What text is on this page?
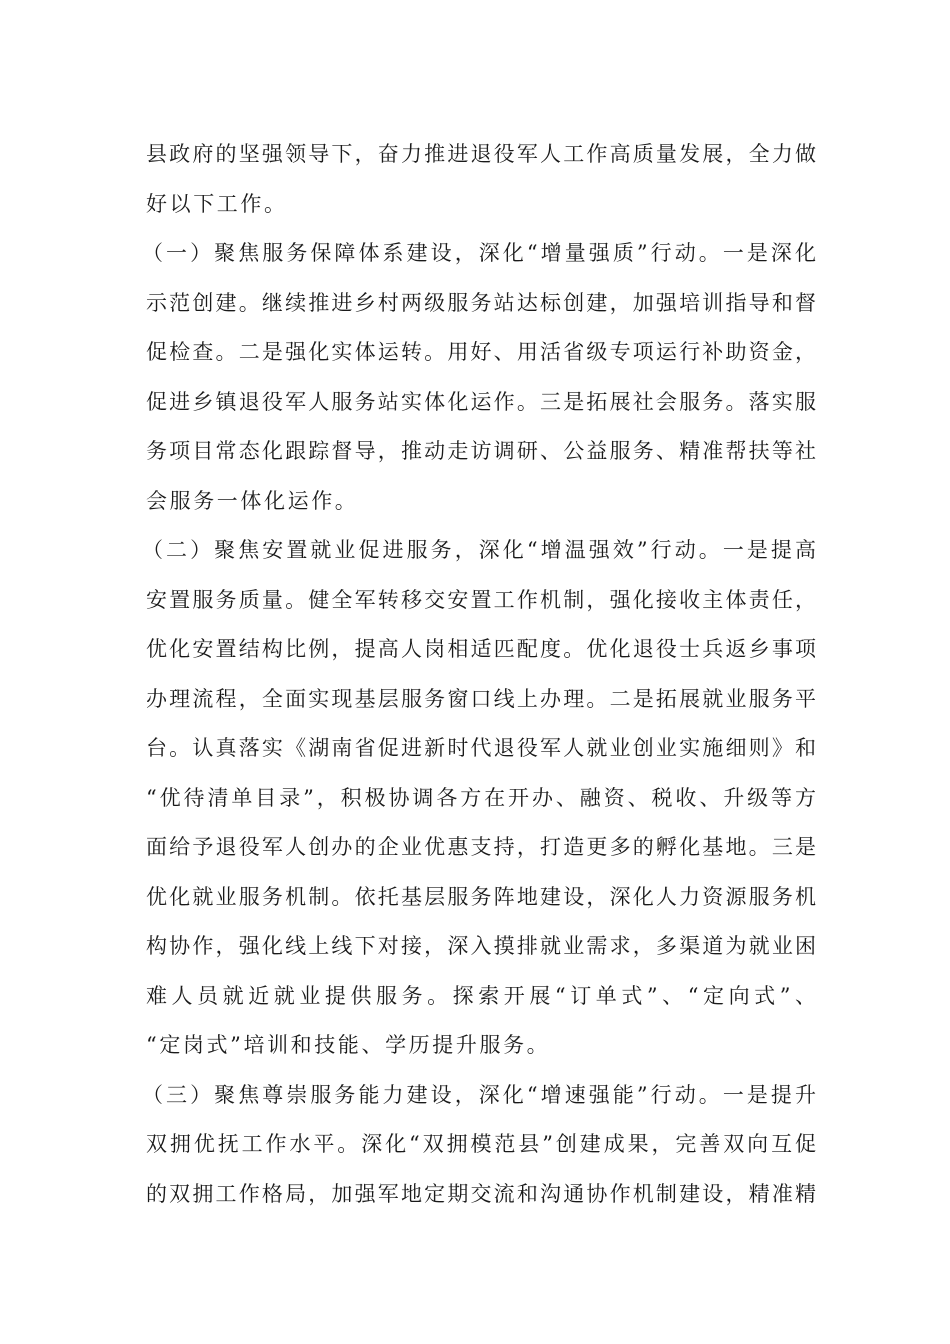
县政府的坚强领导下，奋力推进退役军人工作高质量发展，全力做
好以下工作。
（一）聚焦服务保障体系建设，深化“增量强质”行动。一是深化
示范创建。继续推进乡村两级服务站达标创建，加强培训指导和督
促检查。二是强化实体运转。用好、用活省级专项运行补助资金，
促进乡镇退役军人服务站实体化运作。三是拓展社会服务。落实服
务项目常态化跟踪督导，推动走访调研、公益服务、精准帮扶等社
会服务一体化运作。
（二）聚焦安置就业促进服务，深化“增温强效”行动。一是提高
安置服务质量。健全军转移交安置工作机制，强化接收主体责任，
优化安置结构比例，提高人岗相适匹配度。优化退役士兵返乡事项
办理流程，全面实现基层服务窗口线上办理。二是拓展就业服务平
台。认真落实《湖南省促进新时代退役军人就业创业实施细则》和
“优待清单目录”，积极协调各方在开办、融资、税收、升级等方
面给予退役军人创办的企业优惠支持，打造更多的孵化基地。三是
优化就业服务机制。依托基层服务阵地建设，深化人力资源服务机
构协作，强化线上线下对接，深入摸排就业需求，多渠道为就业困
难人员就近就业提供服务。探索开展“订单式”、“定向式”、
“定岗式”培训和技能、学历提升服务。
（三）聚焦尊崇服务能力建设，深化“增速强能”行动。一是提升
双拥优抚工作水平。深化“双拥模范县”创建成果，完善双向互促
的双拥工作格局，加强军地定期交流和沟通协作机制建设，精准精
